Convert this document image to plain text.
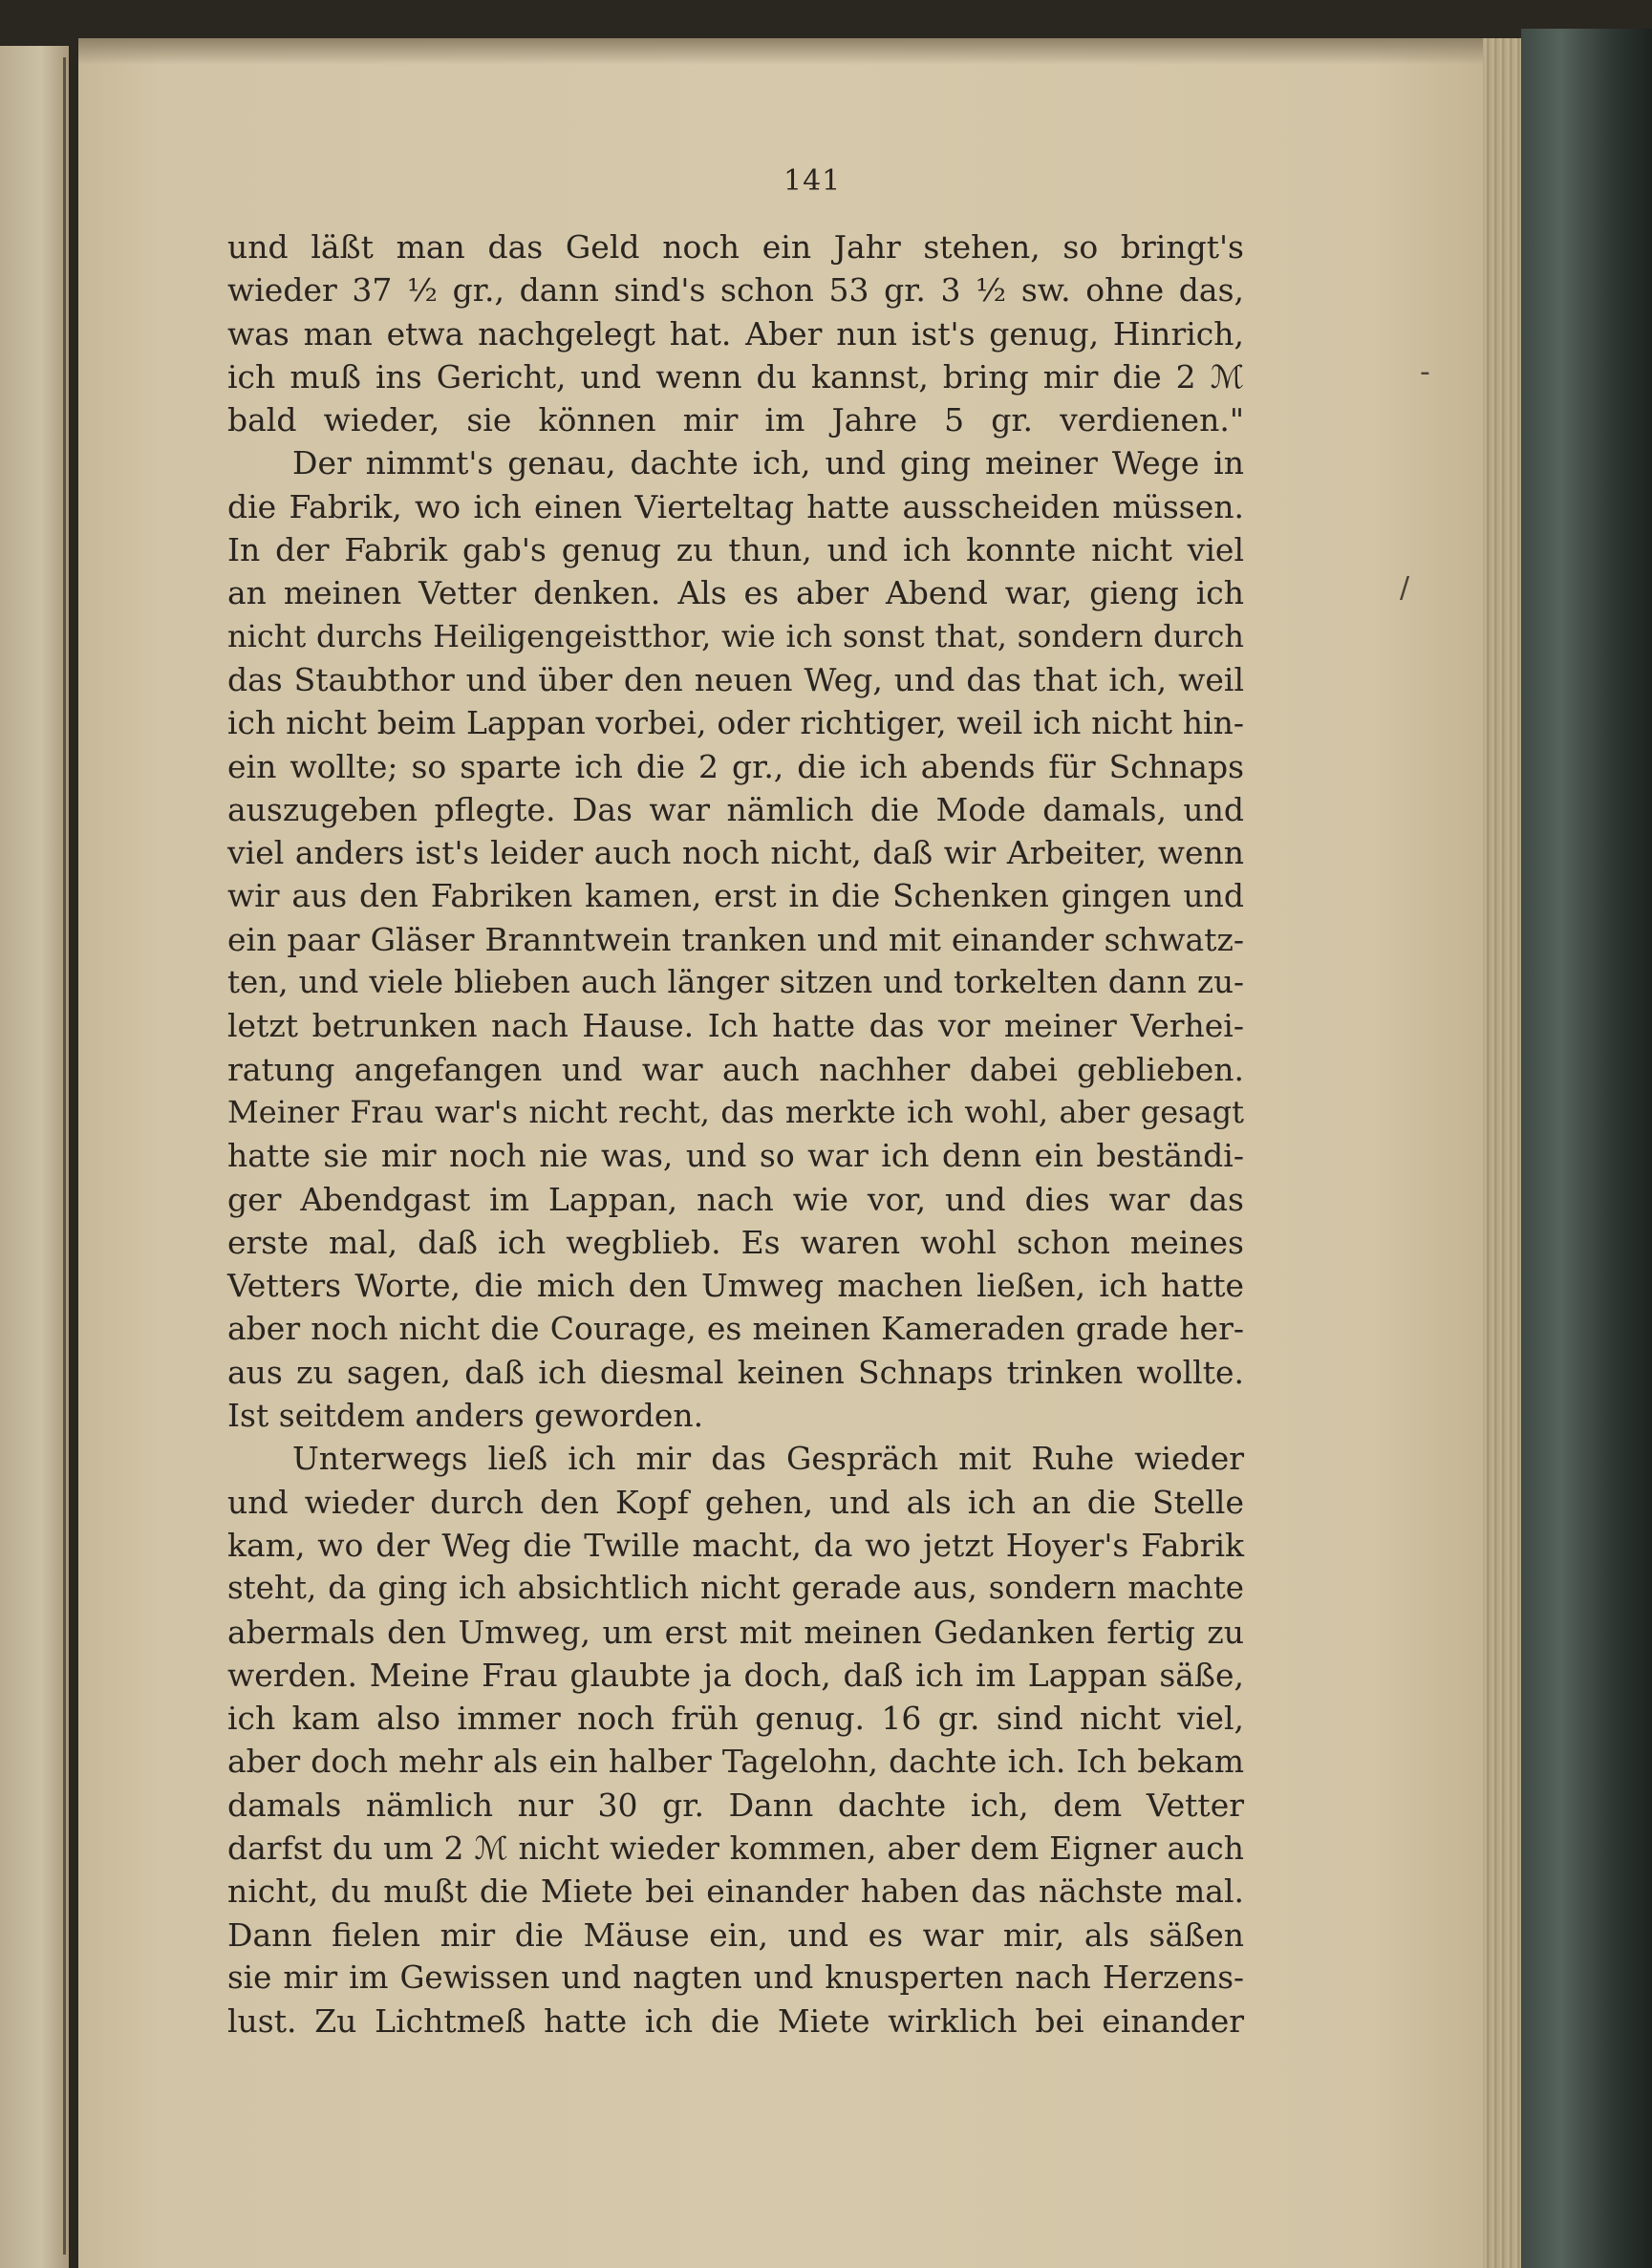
141
und läßt man das Geld noch ein Jahr stehen, so bringt's
wieder 37 ½ gr., dann sind's schon 53 gr. 3 ½ sw. ohne das,
was man etwa nachgelegt hat. Aber nun ist's genug, Hinrich,
ich muß ins Gericht, und wenn du kannst, bring mir die 2 ℳ
bald wieder, sie können mir im Jahre 5 gr. verdienen."
Der nimmt's genau, dachte ich, und ging meiner Wege in
die Fabrik, wo ich einen Vierteltag hatte ausscheiden müssen.
In der Fabrik gab's genug zu thun, und ich konnte nicht viel
an meinen Vetter denken. Als es aber Abend war, gieng ich
nicht durchs Heiligengeistthor, wie ich sonst that, sondern durch
das Staubthor und über den neuen Weg, und das that ich, weil
ich nicht beim Lappan vorbei, oder richtiger, weil ich nicht hin-
ein wollte; so sparte ich die 2 gr., die ich abends für Schnaps
auszugeben pflegte. Das war nämlich die Mode damals, und
viel anders ist's leider auch noch nicht, daß wir Arbeiter, wenn
wir aus den Fabriken kamen, erst in die Schenken gingen und
ein paar Gläser Branntwein tranken und mit einander schwatz-
ten, und viele blieben auch länger sitzen und torkelten dann zu-
letzt betrunken nach Hause. Ich hatte das vor meiner Verhei-
ratung angefangen und war auch nachher dabei geblieben.
Meiner Frau war's nicht recht, das merkte ich wohl, aber gesagt
hatte sie mir noch nie was, und so war ich denn ein beständi-
ger Abendgast im Lappan, nach wie vor, und dies war das
erste mal, daß ich wegblieb. Es waren wohl schon meines
Vetters Worte, die mich den Umweg machen ließen, ich hatte
aber noch nicht die Courage, es meinen Kameraden grade her-
aus zu sagen, daß ich diesmal keinen Schnaps trinken wollte.
Ist seitdem anders geworden.
Unterwegs ließ ich mir das Gespräch mit Ruhe wieder
und wieder durch den Kopf gehen, und als ich an die Stelle
kam, wo der Weg die Twille macht, da wo jetzt Hoyer's Fabrik
steht, da ging ich absichtlich nicht gerade aus, sondern machte
abermals den Umweg, um erst mit meinen Gedanken fertig zu
werden. Meine Frau glaubte ja doch, daß ich im Lappan säße,
ich kam also immer noch früh genug. 16 gr. sind nicht viel,
aber doch mehr als ein halber Tagelohn, dachte ich. Ich bekam
damals nämlich nur 30 gr. Dann dachte ich, dem Vetter
darfst du um 2 ℳ nicht wieder kommen, aber dem Eigner auch
nicht, du mußt die Miete bei einander haben das nächste mal.
Dann fielen mir die Mäuse ein, und es war mir, als säßen
sie mir im Gewissen und nagten und knusperten nach Herzens-
lust. Zu Lichtmeß hatte ich die Miete wirklich bei einander
-
/
